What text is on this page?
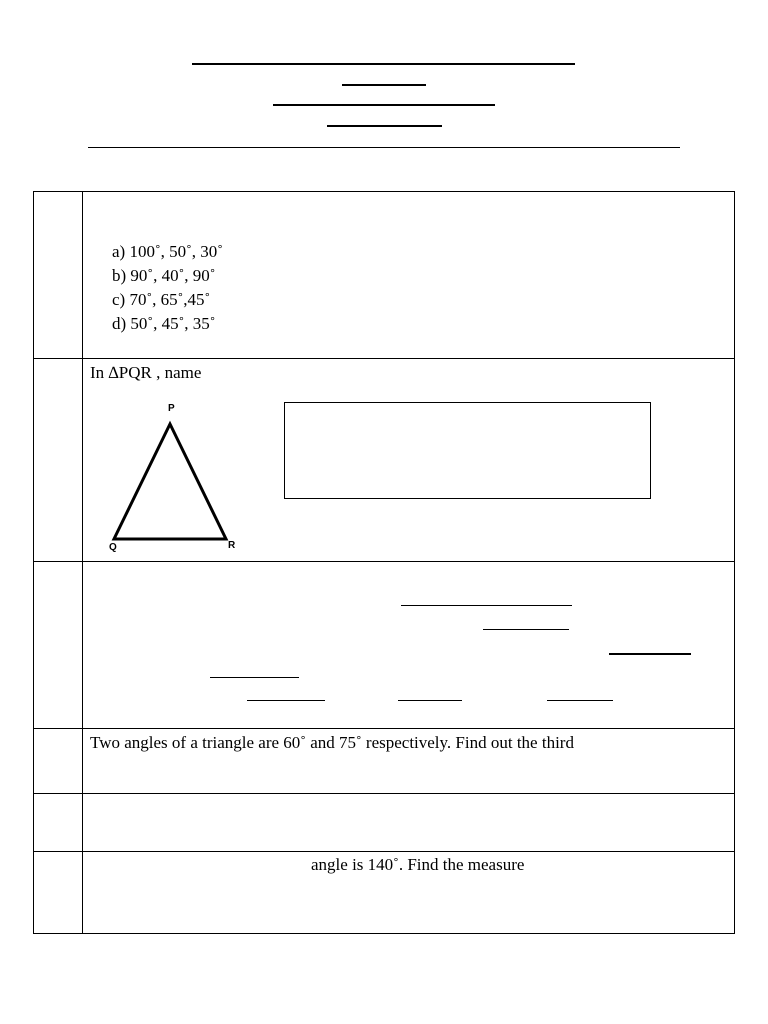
a) 100˚, 50˚, 30˚
b) 90˚, 40˚, 90˚
c) 70˚, 65˚,45˚
d) 50˚, 45˚, 35˚
In ∆PQR , name
P
Q	R
Two angles of a triangle are 60˚ and 75˚ respectively. Find out the third
angle is 140˚. Find the measure
